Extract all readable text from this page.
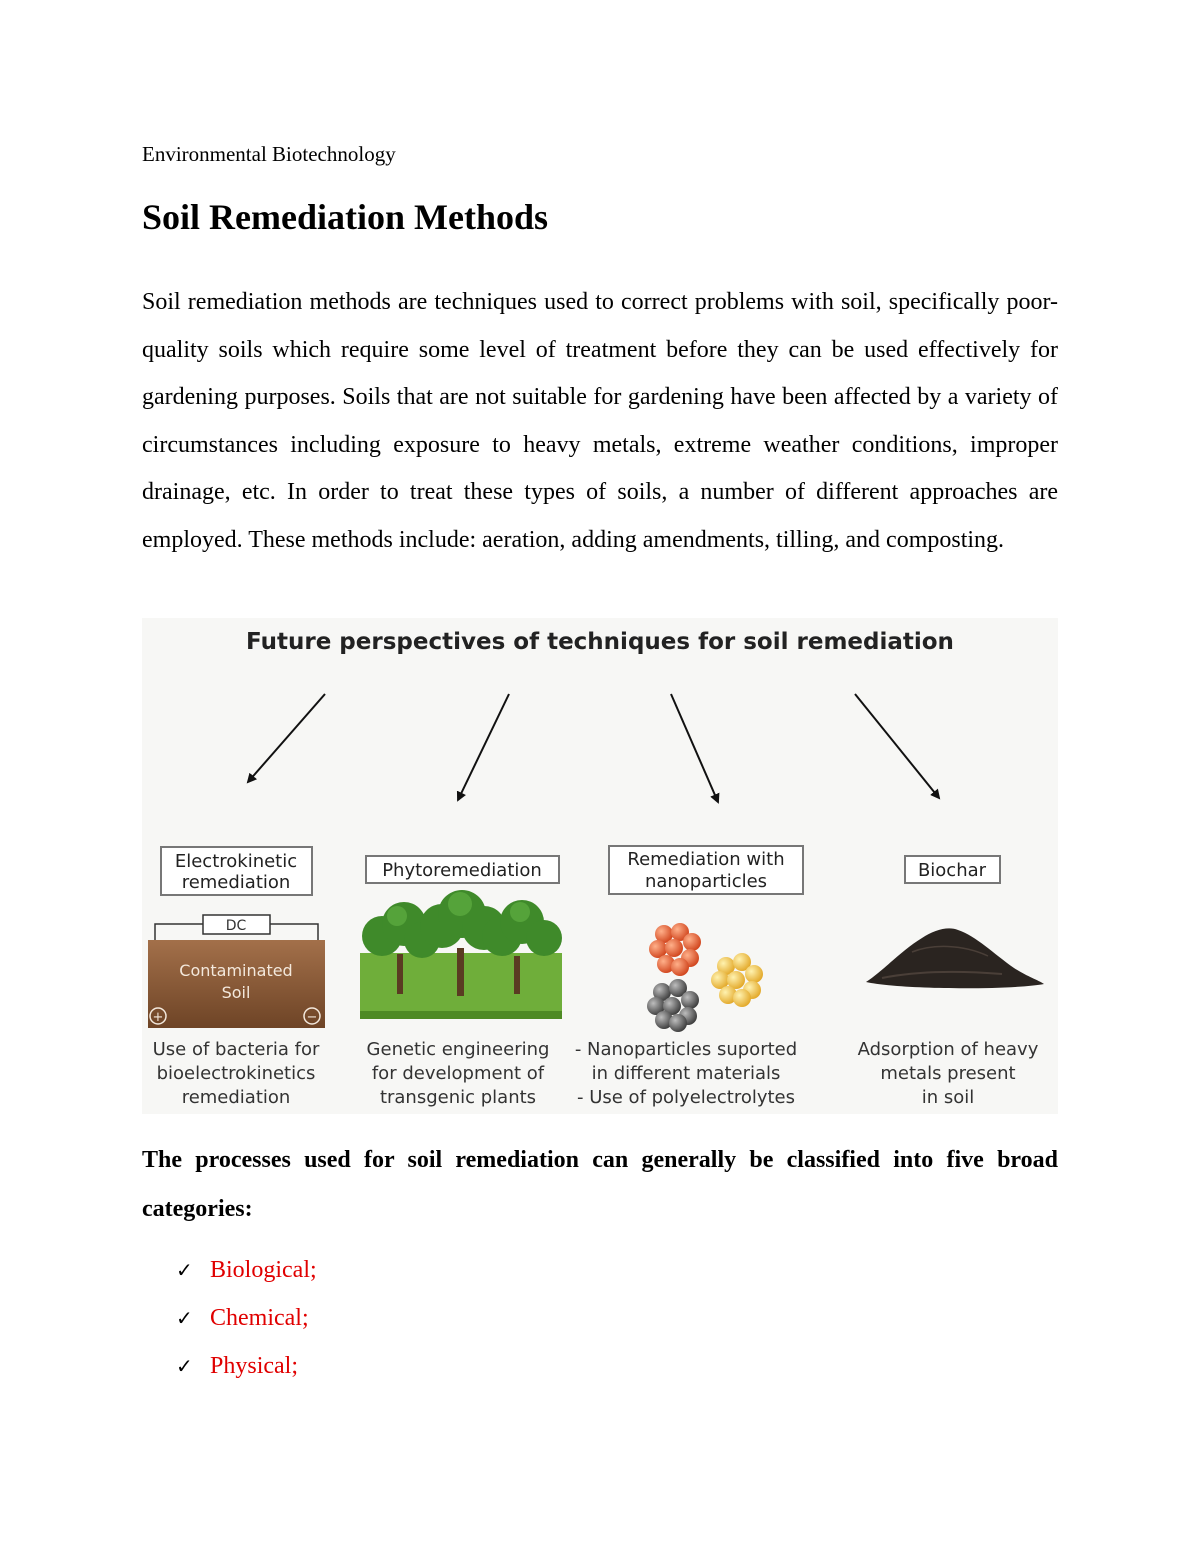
Environmental Biotechnology
Soil Remediation Methods

Soil remediation methods are techniques used to correct problems with soil, specifically poor-quality soils which require some level of treatment before they can be used effectively for gardening purposes. Soils that are not suitable for gardening have been affected by a variety of circumstances including exposure to heavy metals, extreme weather conditions, improper drainage, etc. In order to treat these types of soils, a number of different approaches are employed. These methods include: aeration, adding amendments, tilling, and composting.

Future perspectives of techniques for soil remediation
Electrokinetic
remediation
DC
Contaminated
Soil
+	−
Use of bacteria for
bioelectrokinetics
remediation
Phytoremediation
Genetic engineering
for development of
transgenic plants
Remediation with
nanoparticles
- Nanoparticles suported
in different materials
- Use of polyelectrolytes
Biochar
Adsorption of heavy
metals present
in soil

The processes used for soil remediation can generally be classified into five broad categories:

✓ Biological;
✓ Chemical;
✓ Physical;
